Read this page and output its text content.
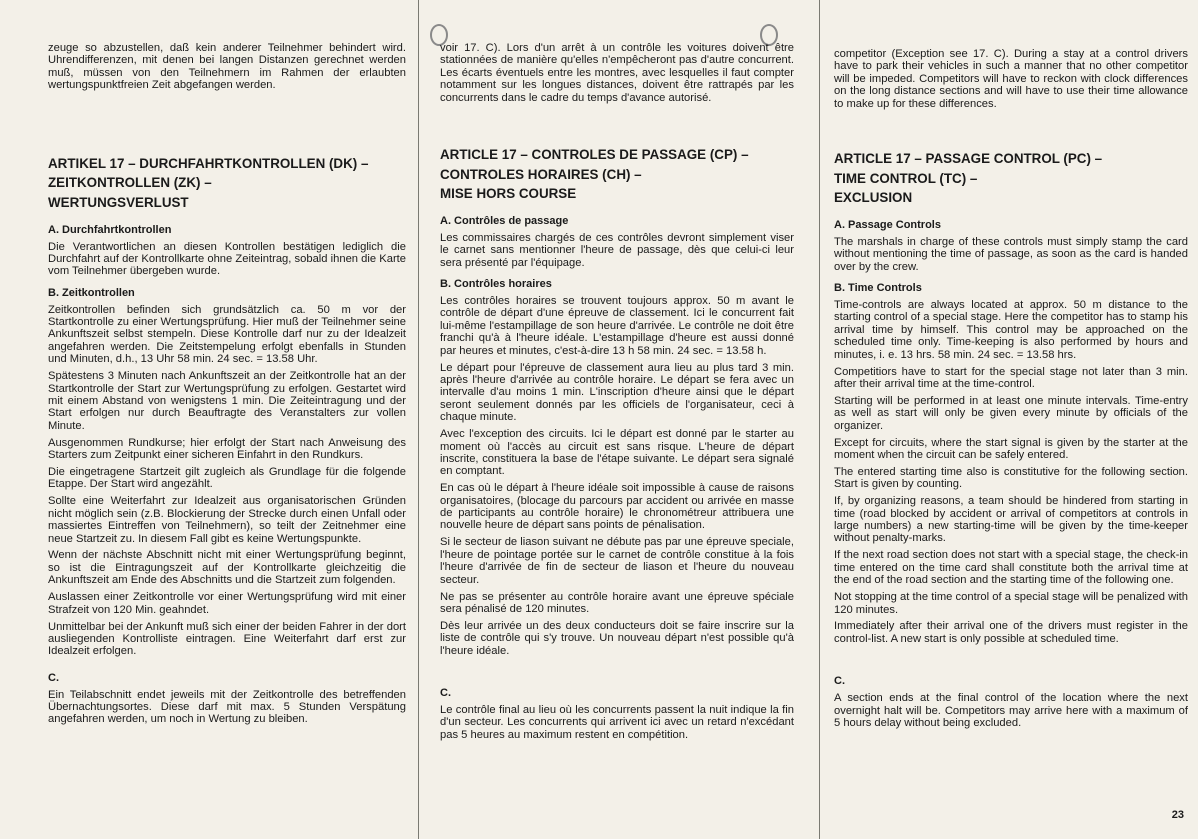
zeuge so abzustellen, daß kein anderer Teilnehmer behindert wird. Uhrendifferenzen, mit denen bei langen Distanzen gerechnet werden muß, müssen von den Teilnehmern im Rahmen der erlaubten wertungspunktfreien Zeit abgefangen werden.

ARTIKEL 17 – DURCHFAHRTKONTROLLEN (DK) –

ZEITKONTROLLEN (ZK) –

WERTUNGSVERLUST

A. Durchfahrtkontrollen

Die Verantwortlichen an diesen Kontrollen bestätigen lediglich die Durchfahrt auf der Kontrollkarte ohne Zeiteintrag, sobald ihnen die Karte vom Teilnehmer übergeben wurde.

B. Zeitkontrollen

Zeitkontrollen befinden sich grundsätzlich ca. 50 m vor der Startkontrolle zu einer Wertungsprüfung. Hier muß der Teilnehmer seine Ankunftszeit selbst stempeln. Diese Kontrolle darf nur zu der Idealzeit angefahren werden. Die Zeitstempelung erfolgt ebenfalls in Stunden und Minuten, d.h., 13 Uhr 58 min. 24 sec. = 13.58 Uhr.

Spätestens 3 Minuten nach Ankunftszeit an der Zeitkontrolle hat an der Startkontrolle der Start zur Wertungsprüfung zu erfolgen. Gestartet wird mit einem Abstand von wenigstens 1 min. Die Zeiteintragung und der Start erfolgen nur durch Beauftragte des Veranstalters zur vollen Minute.

Ausgenommen Rundkurse; hier erfolgt der Start nach Anweisung des Starters zum Zeitpunkt einer sicheren Einfahrt in den Rundkurs.

Die eingetragene Startzeit gilt zugleich als Grundlage für die folgende Etappe. Der Start wird angezählt.

Sollte eine Weiterfahrt zur Idealzeit aus organisatorischen Gründen nicht möglich sein (z.B. Blockierung der Strecke durch einen Unfall oder massiertes Eintreffen von Teilnehmern), so teilt der Zeitnehmer eine neue Startzeit zu. In diesem Fall gibt es keine Wertungspunkte.

Wenn der nächste Abschnitt nicht mit einer Wertungsprüfung beginnt, so ist die Eintragungszeit auf der Kontrollkarte gleichzeitig die Ankunftszeit am Ende des Abschnitts und die Startzeit zum folgenden.

Auslassen einer Zeitkontrolle vor einer Wertungsprüfung wird mit einer Strafzeit von 120 Min. geahndet.

Unmittelbar bei der Ankunft muß sich einer der beiden Fahrer in der dort ausliegenden Kontrolliste eintragen. Eine Weiterfahrt darf erst zur Idealzeit erfolgen.

C.

Ein Teilabschnitt endet jeweils mit der Zeitkontrolle des betreffenden Übernachtungsortes. Diese darf mit max. 5 Stunden Verspätung angefahren werden, um noch in Wertung zu bleiben.

voir 17. C). Lors d'un arrêt à un contrôle les voitures doivent être stationnées de manière qu'elles n'empêcheront pas d'autre concurrent. Les écarts éventuels entre les montres, avec lesquelles il faut compter notamment sur les longues distances, doivent être rattrapés par les concurrents dans le cadre du temps d'avance autorisé.

ARTICLE 17 – CONTROLES DE PASSAGE (CP) –

CONTROLES HORAIRES (CH) –

MISE HORS COURSE

A. Contrôles de passage

Les commissaires chargés de ces contrôles devront simplement viser le carnet sans mentionner l'heure de passage, dès que celui-ci leur sera présenté par l'équipage.

B. Contrôles horaires

Les contrôles horaires se trouvent toujours approx. 50 m avant le contrôle de départ d'une épreuve de classement. Ici le concurrent fait lui-même l'estampillage de son heure d'arrivée. Le contrôle ne doit être franchi qu'à à l'heure idéale. L'estampillage d'heure est aussi donné par heures et minutes, c'est-à-dire 13 h 58 min. 24 sec. = 13.58 h.

Le départ pour l'épreuve de classement aura lieu au plus tard 3 min. après l'heure d'arrivée au contrôle horaire. Le départ se fera avec un intervalle d'au moins 1 min. L'inscription d'heure ainsi que le départ seront seulement donnés par les officiels de l'organisateur, ceci à chaque minute.

Avec l'exception des circuits. Ici le départ est donné par le starter au moment où l'accès au circuit est sans risque. L'heure de départ inscrite, constituera la base de l'étape suivante. Le départ sera signalé en comptant.

En cas où le départ à l'heure idéale soit impossible à cause de raisons organisatoires, (blocage du parcours par accident ou arrivée en masse de participants au contrôle horaire) le chronométreur attribuera une nouvelle heure de départ sans points de pénalisation.

Si le secteur de liason suivant ne débute pas par une épreuve speciale, l'heure de pointage portée sur le carnet de contrôle constitue à la fois l'heure d'arrivée de fin de secteur de liason et l'heure du nouveau secteur.

Ne pas se présenter au contrôle horaire avant une épreuve spéciale sera pénalisé de 120 minutes.

Dès leur arrivée un des deux conducteurs doit se faire inscrire sur la liste de contrôle qui s'y trouve. Un nouveau départ n'est possible qu'à l'heure idéale.

C.

Le contrôle final au lieu où les concurrents passent la nuit indique la fin d'un secteur. Les concurrents qui arrivent ici avec un retard n'excédant pas 5 heures au maximum restent en compétition.

competitor (Exception see 17. C). During a stay at a control drivers have to park their vehicles in such a manner that no other competitor will be impeded. Competitors will have to reckon with clock differences on the long distance sections and will have to use their time allowance to make up for these differences.

ARTICLE 17 – PASSAGE CONTROL (PC) –

TIME CONTROL (TC) –

EXCLUSION

A. Passage Controls

The marshals in charge of these controls must simply stamp the card without mentioning the time of passage, as soon as the card is handed over by the crew.

B. Time Controls

Time-controls are always located at approx. 50 m distance to the starting control of a special stage. Here the competitor has to stamp his arrival time by himself. This control may be approached on the scheduled time only. Time-keeping is also performed by hours and minutes, i. e. 13 hrs. 58 min. 24 sec. = 13.58 hrs.

Competitiors have to start for the special stage not later than 3 min. after their arrival time at the time-control.

Starting will be performed in at least one minute intervals. Time-entry as well as start will only be given every minute by officials of the organizer.

Except for circuits, where the start signal is given by the starter at the moment when the circuit can be safely entered.

The entered starting time also is constitutive for the following section. Start is given by counting.

If, by organizing reasons, a team should be hindered from starting in time (road blocked by accident or arrival of competitors at controls in large numbers) a new starting-time will be given by the time-keeper without penalty-marks.

If the next road section does not start with a special stage, the check-in time entered on the time card shall constitute both the arrival time at the end of the road section and the starting time of the following one.

Not stopping at the time control of a special stage will be penalized with 120 minutes.

Immediately after their arrival one of the drivers must register in the control-list. A new start is only possible at scheduled time.

C.

A section ends at the final control of the location where the next overnight halt will be. Competitors may arrive here with a maximum of 5 hours delay without being excluded.

23
